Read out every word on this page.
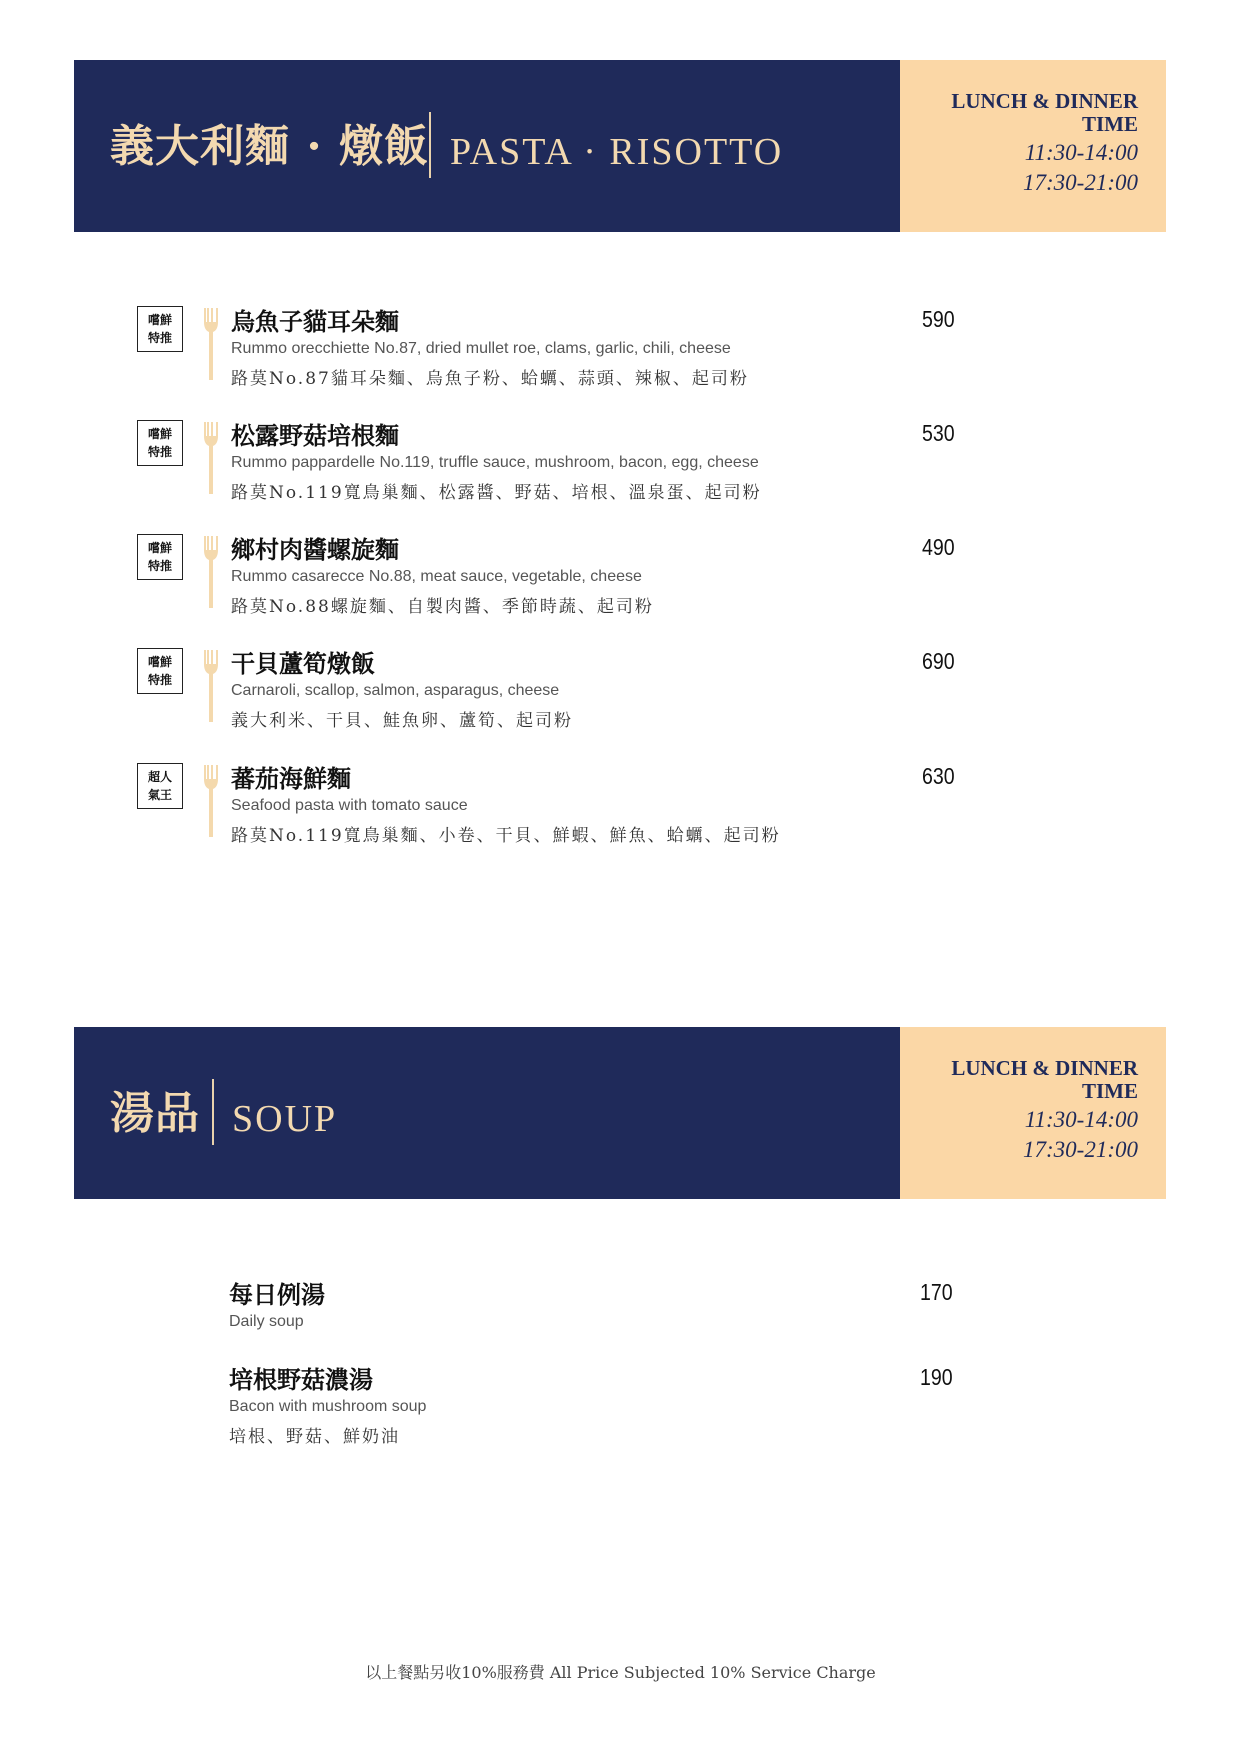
義大利麵 · 燉飯 PASTA · RISOTTO
LUNCH & DINNER
TIME
11:30-14:00
17:30-21:00
嚐鮮
特推
烏魚子貓耳朵麵
Rummo orecchiette No.87, dried mullet roe, clams, garlic, chili, cheese
路莫No.87貓耳朵麵、烏魚子粉、蛤蠣、蒜頭、辣椒、起司粉
590
嚐鮮
特推
松露野菇培根麵
Rummo pappardelle No.119, truffle sauce, mushroom, bacon, egg, cheese
路莫No.119寬鳥巢麵、松露醬、野菇、培根、溫泉蛋、起司粉
530
嚐鮮
特推
鄉村肉醬螺旋麵
Rummo casarecce No.88, meat sauce, vegetable, cheese
路莫No.88螺旋麵、自製肉醬、季節時蔬、起司粉
490
嚐鮮
特推
干貝蘆筍燉飯
Carnaroli, scallop, salmon, asparagus, cheese
義大利米、干貝、鮭魚卵、蘆筍、起司粉
690
超人
氣王
蕃茄海鮮麵
Seafood pasta with tomato sauce
路莫No.119寬鳥巢麵、小卷、干貝、鮮蝦、鮮魚、蛤蠣、起司粉
630
湯品 SOUP
LUNCH & DINNER
TIME
11:30-14:00
17:30-21:00
每日例湯
Daily soup
170
培根野菇濃湯
Bacon with mushroom soup
培根、野菇、鮮奶油
190
以上餐點另收10%服務費 All Price Subjected 10% Service Charge
